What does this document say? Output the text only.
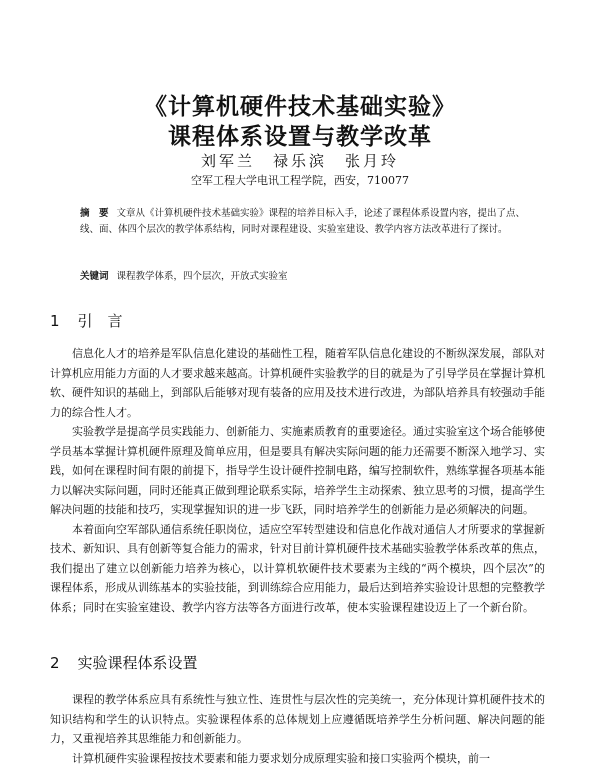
《计算机硬件技术基础实验》
课程体系设置与教学改革
刘军兰　禄乐滨　张月玲
空军工程大学电讯工程学院，西安，710077
摘　要 文章从《计算机硬件技术基础实验》课程的培养目标入手，论述了课程体系设置内容，提出了点、线、面、体四个层次的教学体系结构，同时对课程建设、实验室建设、教学内容方法改革进行了探讨。
关键词 课程教学体系，四个层次，开放式实验室
1 引　言

信息化人才的培养是军队信息化建设的基础性工程，随着军队信息化建设的不断纵深发展，部队对计算机应用能力方面的人才要求越来越高。计算机硬件实验教学的目的就是为了引导学员在掌握计算机软、硬件知识的基础上，到部队后能够对现有装备的应用及技术进行改进，为部队培养具有较强动手能力的综合性人才。

实验教学是提高学员实践能力、创新能力、实施素质教育的重要途径。通过实验室这个场合能够使学员基本掌握计算机硬件原理及简单应用，但是要具有解决实际问题的能力还需要不断深入地学习、实践，如何在课程时间有限的前提下，指导学生设计硬件控制电路，编写控制软件，熟练掌握各项基本能力以解决实际问题，同时还能真正做到理论联系实际，培养学生主动探索、独立思考的习惯，提高学生解决问题的技能和技巧，实现掌握知识的进一步飞跃，同时培养学生的创新能力是必须解决的问题。

本着面向空军部队通信系统任职岗位，适应空军转型建设和信息化作战对通信人才所要求的掌握新技术、新知识、具有创新等复合能力的需求，针对目前计算机硬件技术基础实验教学体系改革的焦点，我们提出了建立以创新能力培养为核心，以计算机软硬件技术要素为主线的“两个模块，四个层次”的课程体系，形成从训练基本的实验技能，到训练综合应用能力，最后达到培养实验设计思想的完整教学体系；同时在实验室建设、教学内容方法等各方面进行改革，使本实验课程建设迈上了一个新台阶。

2 实验课程体系设置

课程的教学体系应具有系统性与独立性、连贯性与层次性的完美统一，充分体现计算机硬件技术的知识结构和学生的认识特点。实验课程体系的总体规划上应遵循既培养学生分析问题、解决问题的能力，又重视培养其思维能力和创新能力。

计算机硬件实验课程按技术要素和能力要求划分成原理实验和接口实验两个模块，前一
